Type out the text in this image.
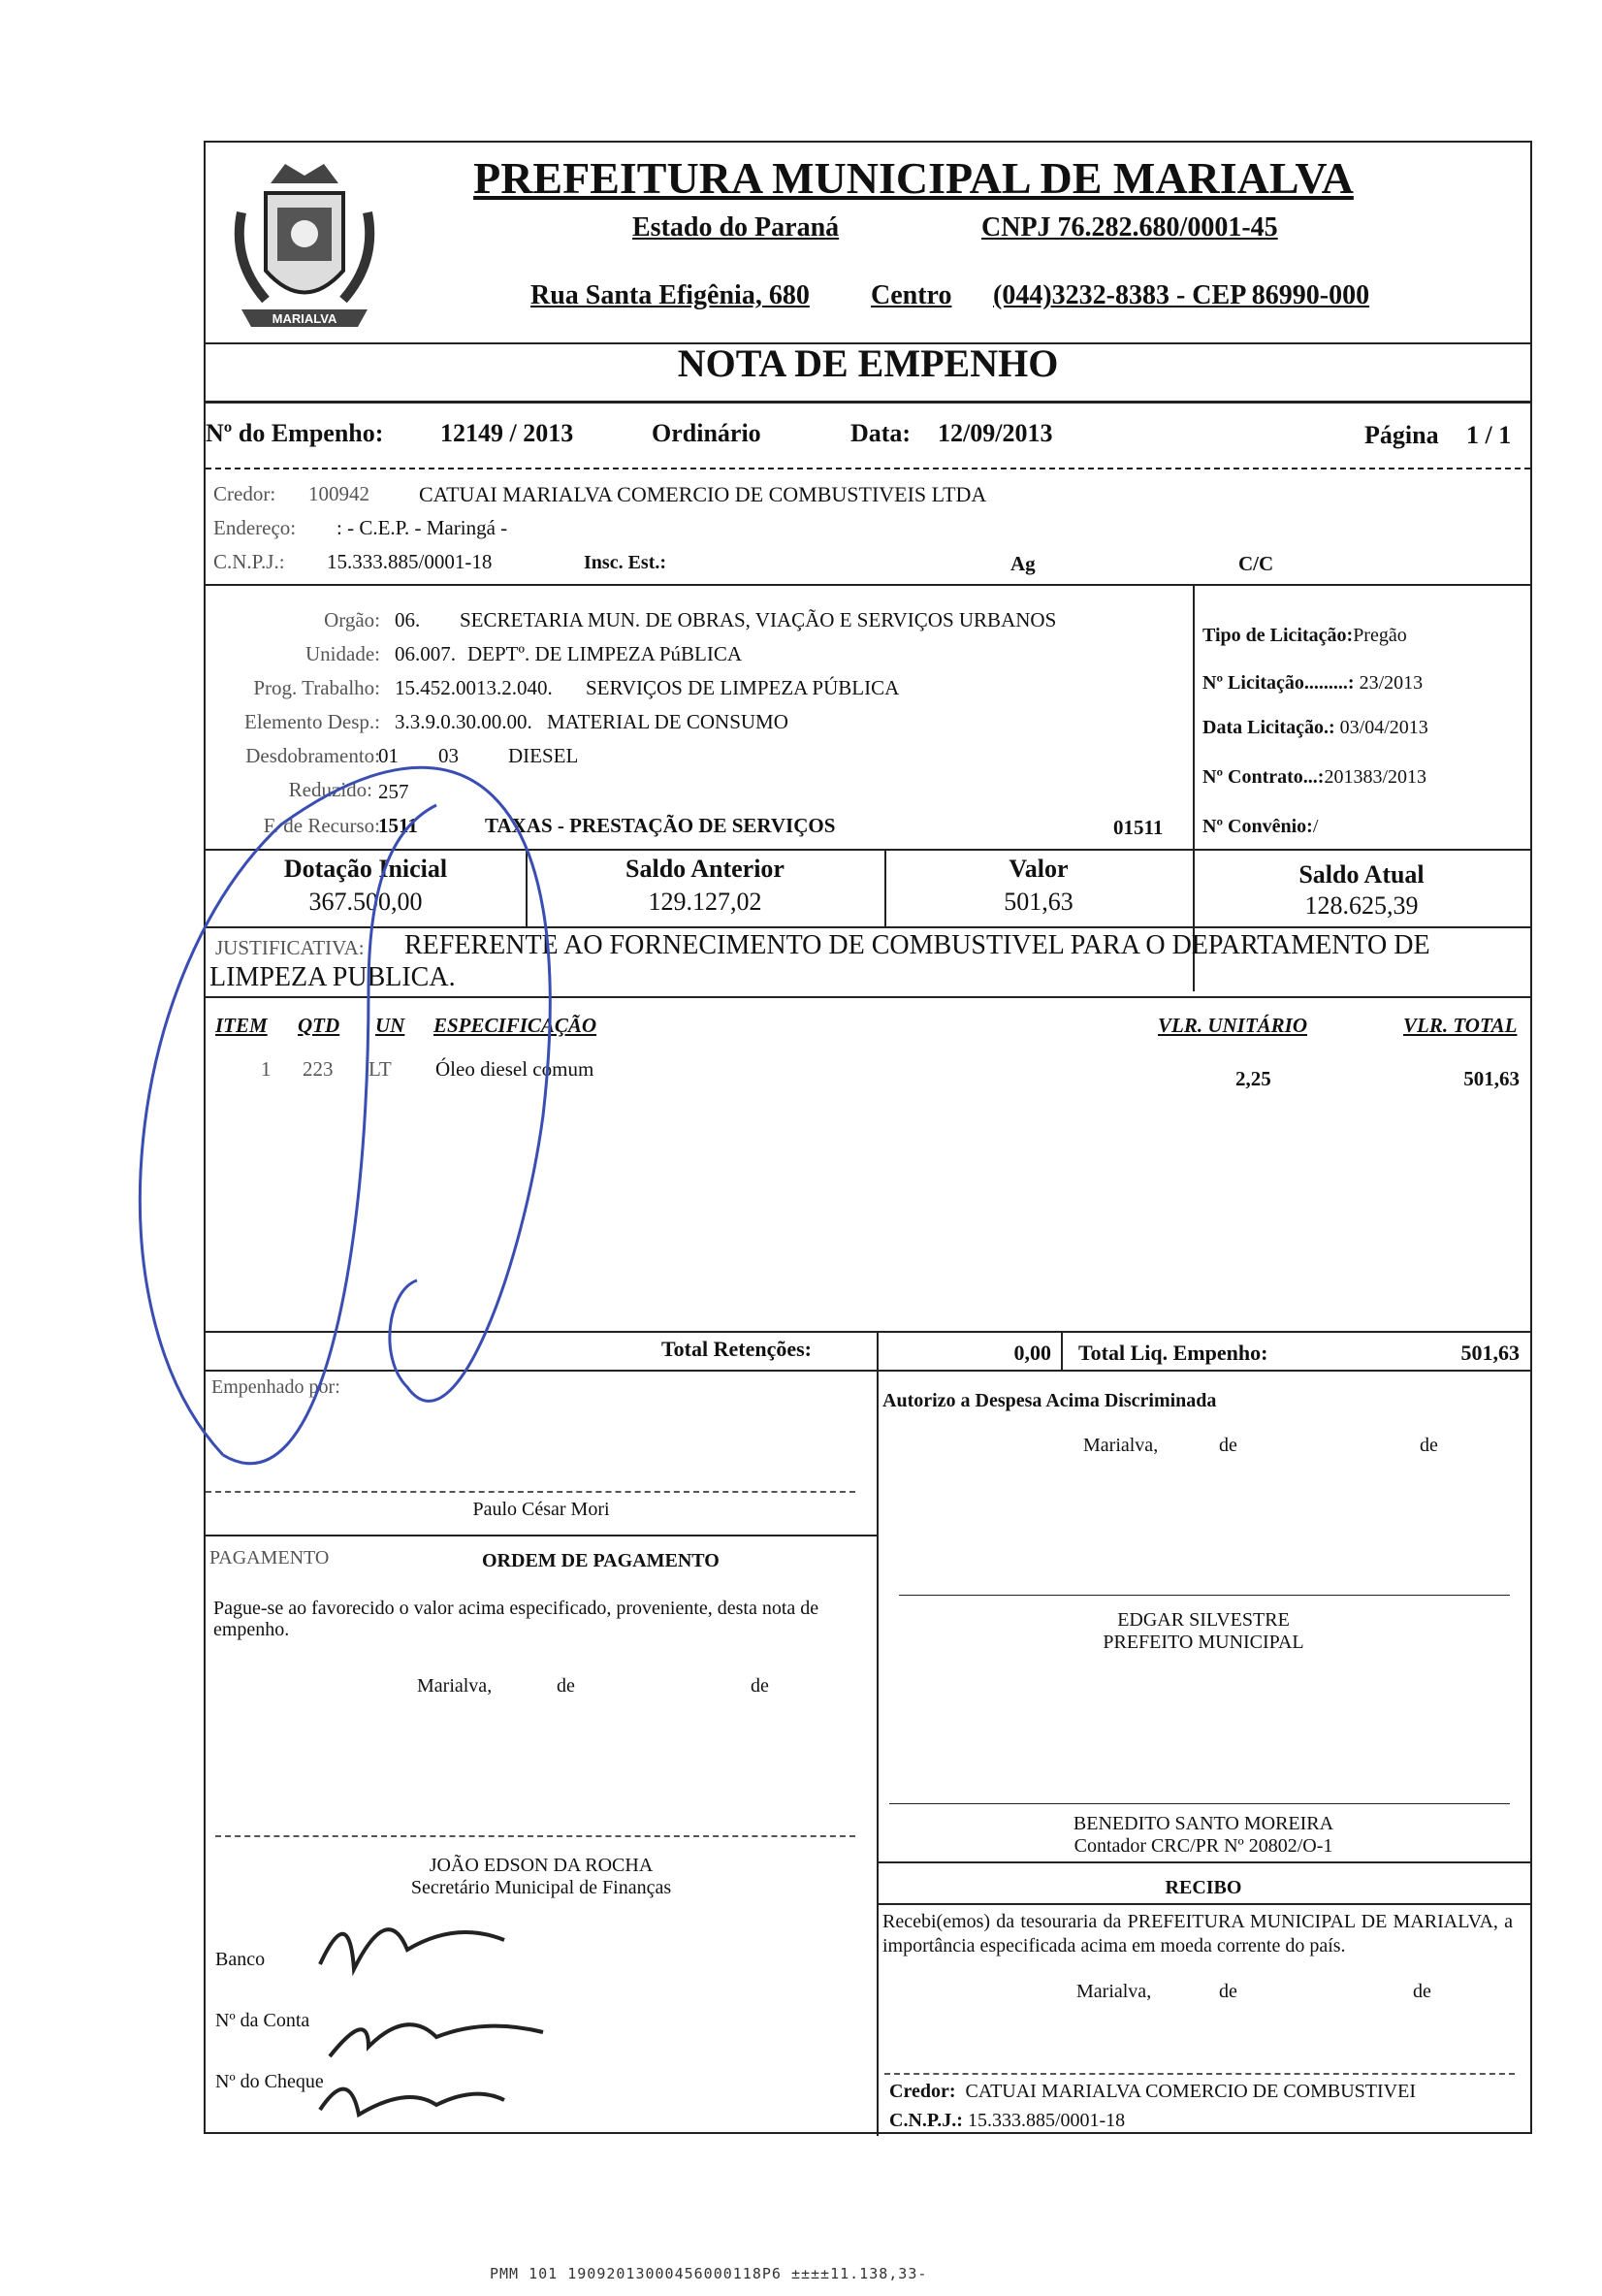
MARIALVA
PREFEITURA MUNICIPAL DE MARIALVA
Estado do Paraná	CNPJ 76.282.680/0001-45
Rua Santa Efigênia, 680 Centro (044)3232-8383 - CEP 86990-000
NOTA DE EMPENHO
Nº do Empenho: 12149 / 2013	Ordinário	Data: 12/09/2013	Página 1 / 1
Credor: 100942 CATUAI MARIALVA COMERCIO DE COMBUSTIVEIS LTDA
Endereço: : - C.E.P. - Maringá -
C.N.P.J.: 15.333.885/0001-18	Insc. Est.:	Ag	C/C
Orgão: 06. SECRETARIA MUN. DE OBRAS, VIAÇÃO E SERVIÇOS URBANOS
Unidade: 06.007. DEPTº. DE LIMPEZA PúBLICA
Prog. Trabalho: 15.452.0013.2.040. SERVIÇOS DE LIMPEZA PÚBLICA
Elemento Desp.: 3.3.9.0.30.00.00. MATERIAL DE CONSUMO
Desdobramento:
01 03 DIESEL
Reduzido: 257
F. de Recurso:
1511	TAXAS - PRESTAÇÃO DE SERVIÇOS	01511
Tipo de Licitação:Pregão
Nº Licitação.........: 23/2013
Data Licitação.: 03/04/2013
Nº Contrato...:201383/2013
Nº Convênio:/
Dotação Inicial
367.500,00
Saldo Anterior
129.127,02
Valor
501,63
Saldo Atual
128.625,39
JUSTIFICATIVA: REFERENTE AO FORNECIMENTO DE COMBUSTIVEL PARA O DEPARTAMENTO DE
LIMPEZA PUBLICA.
ITEM QTD UN ESPECIFICAÇÃO	VLR. UNITÁRIO	VLR. TOTAL
1 223 LT Óleo diesel comum	2,25	501,63
Total Retenções:	0,00 Total Liq. Empenho:	501,63
Empenhado por:
Paulo César Mori
PAGAMENTO	ORDEM DE PAGAMENTO
Pague-se ao favorecido o valor acima especificado, proveniente, desta nota de empenho.
Marialva,	de	de
JOÃO EDSON DA ROCHA
Secretário Municipal de Finanças
Banco
Nº da Conta
Nº do Cheque
Autorizo a Despesa Acima Discriminada
Marialva,	de	de
EDGAR SILVESTRE
PREFEITO MUNICIPAL
BENEDITO SANTO MOREIRA
Contador CRC/PR Nº 20802/O-1
RECIBO
Recebi(emos) da tesouraria da PREFEITURA MUNICIPAL DE MARIALVA, a importância especificada acima em moeda corrente do país.
Marialva,	de	de
Credor: CATUAI MARIALVA COMERCIO DE COMBUSTIVEI
C.N.P.J.: 15.333.885/0001-18
Bradesco
1321-7
PMM 101 19092013000456000118P6 ±±±±11.138,33-
